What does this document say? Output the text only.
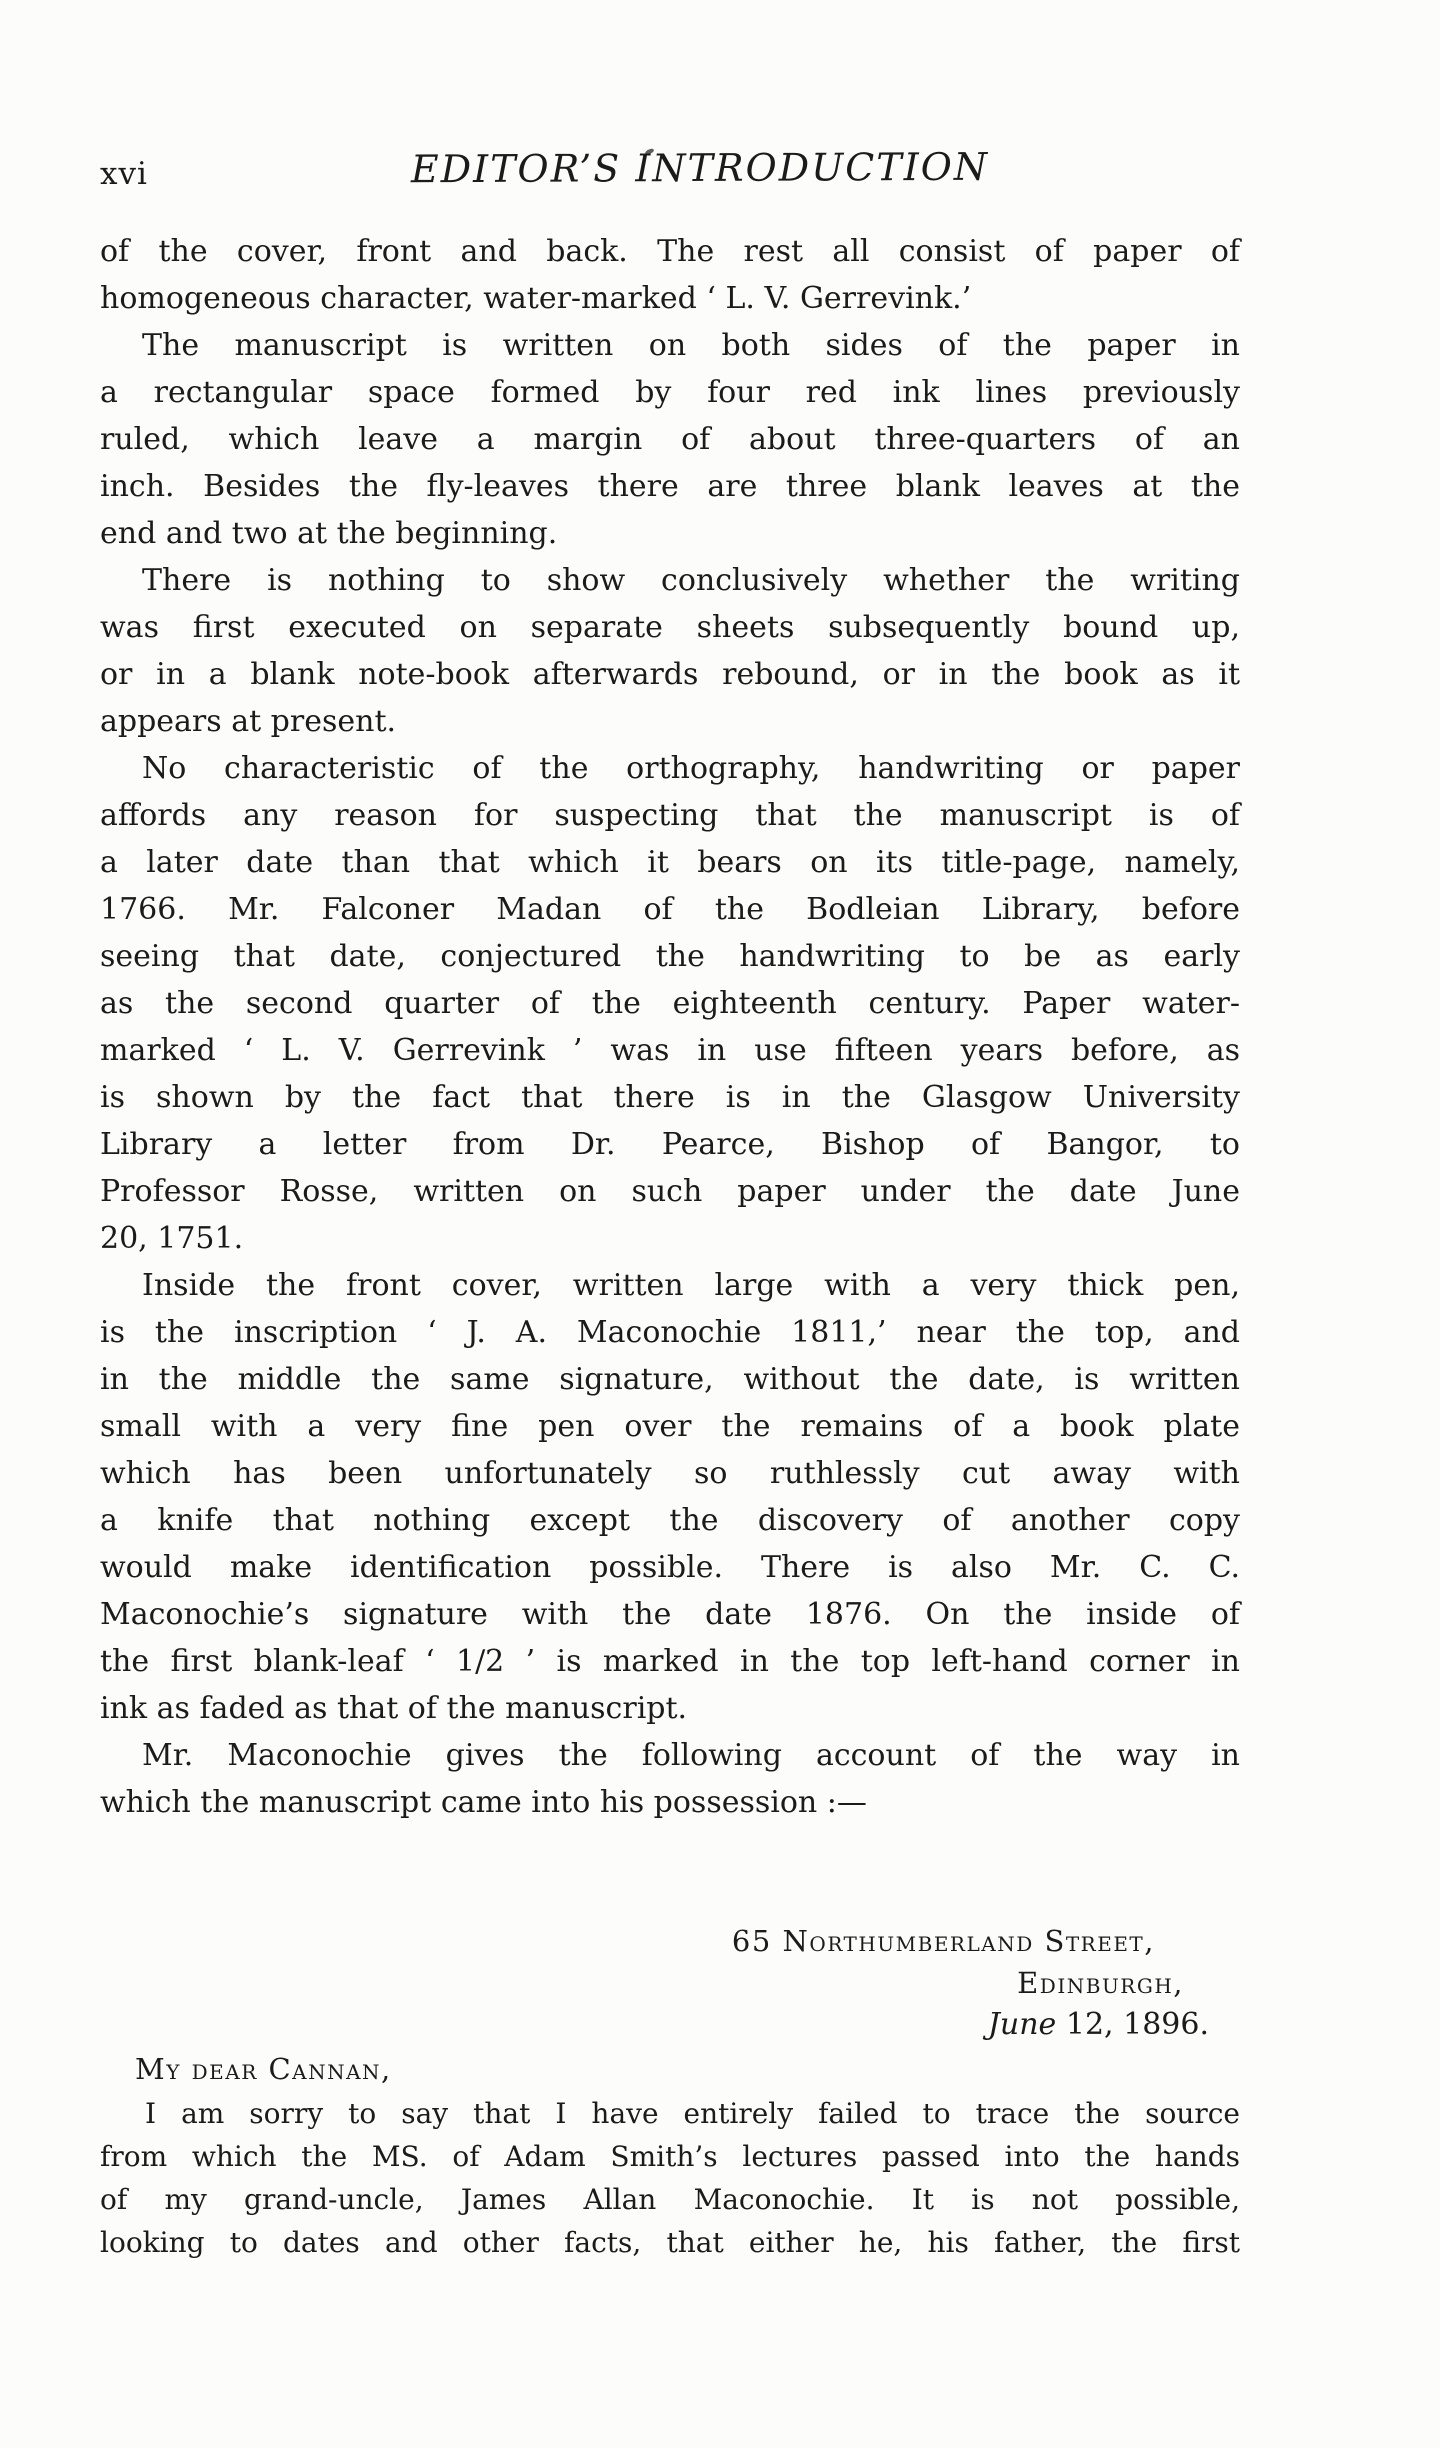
EDITOR’S INTRODUCTION
xvi
of the cover, front and back. The rest all consist of paper of
homogeneous character, water-marked ‘ L. V. Gerrevink.’
The manuscript is written on both sides of the paper in
a rectangular space formed by four red ink lines previously
ruled, which leave a margin of about three-quarters of an
inch. Besides the fly-leaves there are three blank leaves at the
end and two at the beginning.
There is nothing to show conclusively whether the writing
was first executed on separate sheets subsequently bound up,
or in a blank note-book afterwards rebound, or in the book as it
appears at present.
No characteristic of the orthography, handwriting or paper
affords any reason for suspecting that the manuscript is of
a later date than that which it bears on its title-page, namely,
1766. Mr. Falconer Madan of the Bodleian Library, before
seeing that date, conjectured the handwriting to be as early
as the second quarter of the eighteenth century. Paper water-
marked ‘ L. V. Gerrevink ’ was in use fifteen years before, as
is shown by the fact that there is in the Glasgow University
Library a letter from Dr. Pearce, Bishop of Bangor, to
Professor Rosse, written on such paper under the date June
20, 1751.
Inside the front cover, written large with a very thick pen,
is the inscription ‘ J. A. Maconochie 1811,’ near the top, and
in the middle the same signature, without the date, is written
small with a very fine pen over the remains of a book plate
which has been unfortunately so ruthlessly cut away with
a knife that nothing except the discovery of another copy
would make identification possible. There is also Mr. C. C.
Maconochie’s signature with the date 1876. On the inside of
the first blank-leaf ‘ 1/2 ’ is marked in the top left-hand corner in
ink as faded as that of the manuscript.
Mr. Maconochie gives the following account of the way in
which the manuscript came into his possession :—
65 Northumberland Street,
Edinburgh,
June 12, 1896.
My dear Cannan,
I am sorry to say that I have entirely failed to trace the source
from which the MS. of Adam Smith’s lectures passed into the hands
of my grand-uncle, James Allan Maconochie. It is not possible,
looking to dates and other facts, that either he, his father, the first
